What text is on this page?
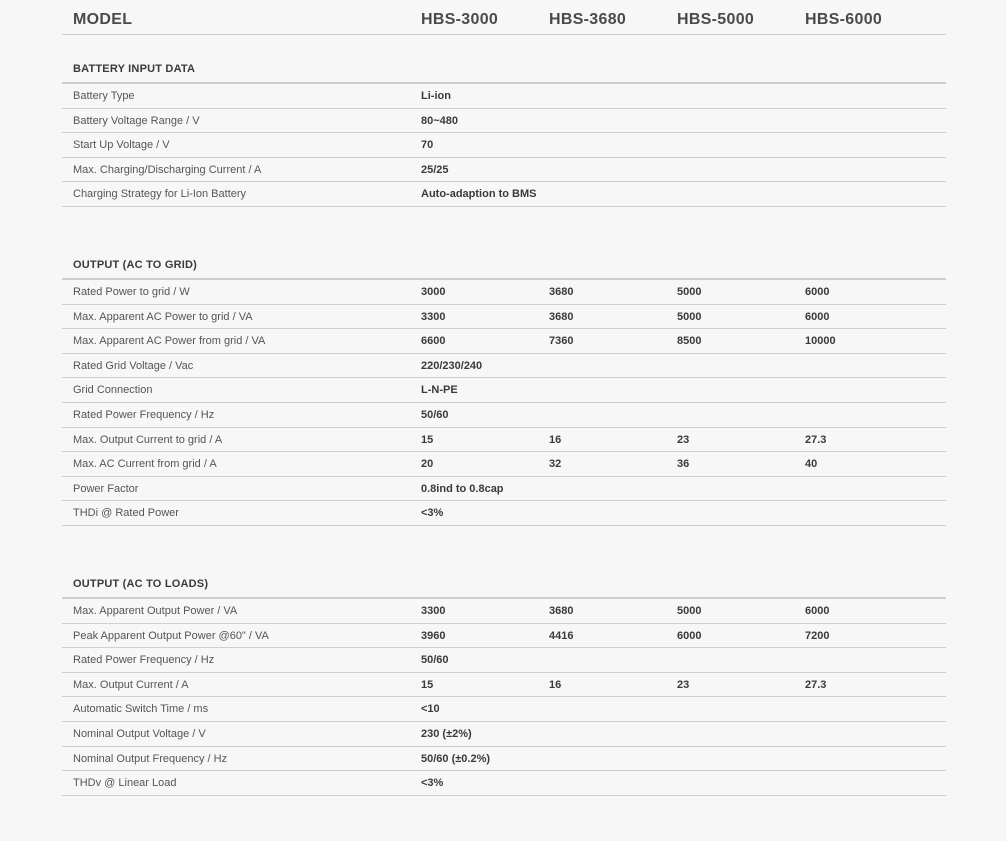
MODEL	HBS-3000	HBS-3680	HBS-5000	HBS-6000
BATTERY INPUT DATA
Battery Type	Li-ion
Battery Voltage Range / V	80~480
Start Up Voltage / V	70
Max. Charging/Discharging Current / A	25/25
Charging Strategy for Li-Ion Battery	Auto-adaption to BMS
OUTPUT (AC TO GRID)
Rated Power to grid / W	3000	3680	5000	6000
Max. Apparent AC Power to grid / VA	3300	3680	5000	6000
Max. Apparent AC Power from grid / VA	6600	7360	8500	10000
Rated Grid Voltage / Vac	220/230/240
Grid Connection	L-N-PE
Rated Power Frequency / Hz	50/60
Max. Output Current to grid / A	15	16	23	27.3
Max. AC Current from grid / A	20	32	36	40
Power Factor	0.8ind to 0.8cap
THDi @ Rated Power	<3%
OUTPUT (AC TO LOADS)
Max. Apparent Output Power / VA	3300	3680	5000	6000
Peak Apparent Output Power @60" / VA	3960	4416	6000	7200
Rated Power Frequency / Hz	50/60
Max. Output Current / A	15	16	23	27.3
Automatic Switch Time / ms	<10
Nominal Output Voltage / V	230 (±2%)
Nominal Output Frequency / Hz	50/60 (±0.2%)
THDv @ Linear Load	<3%
